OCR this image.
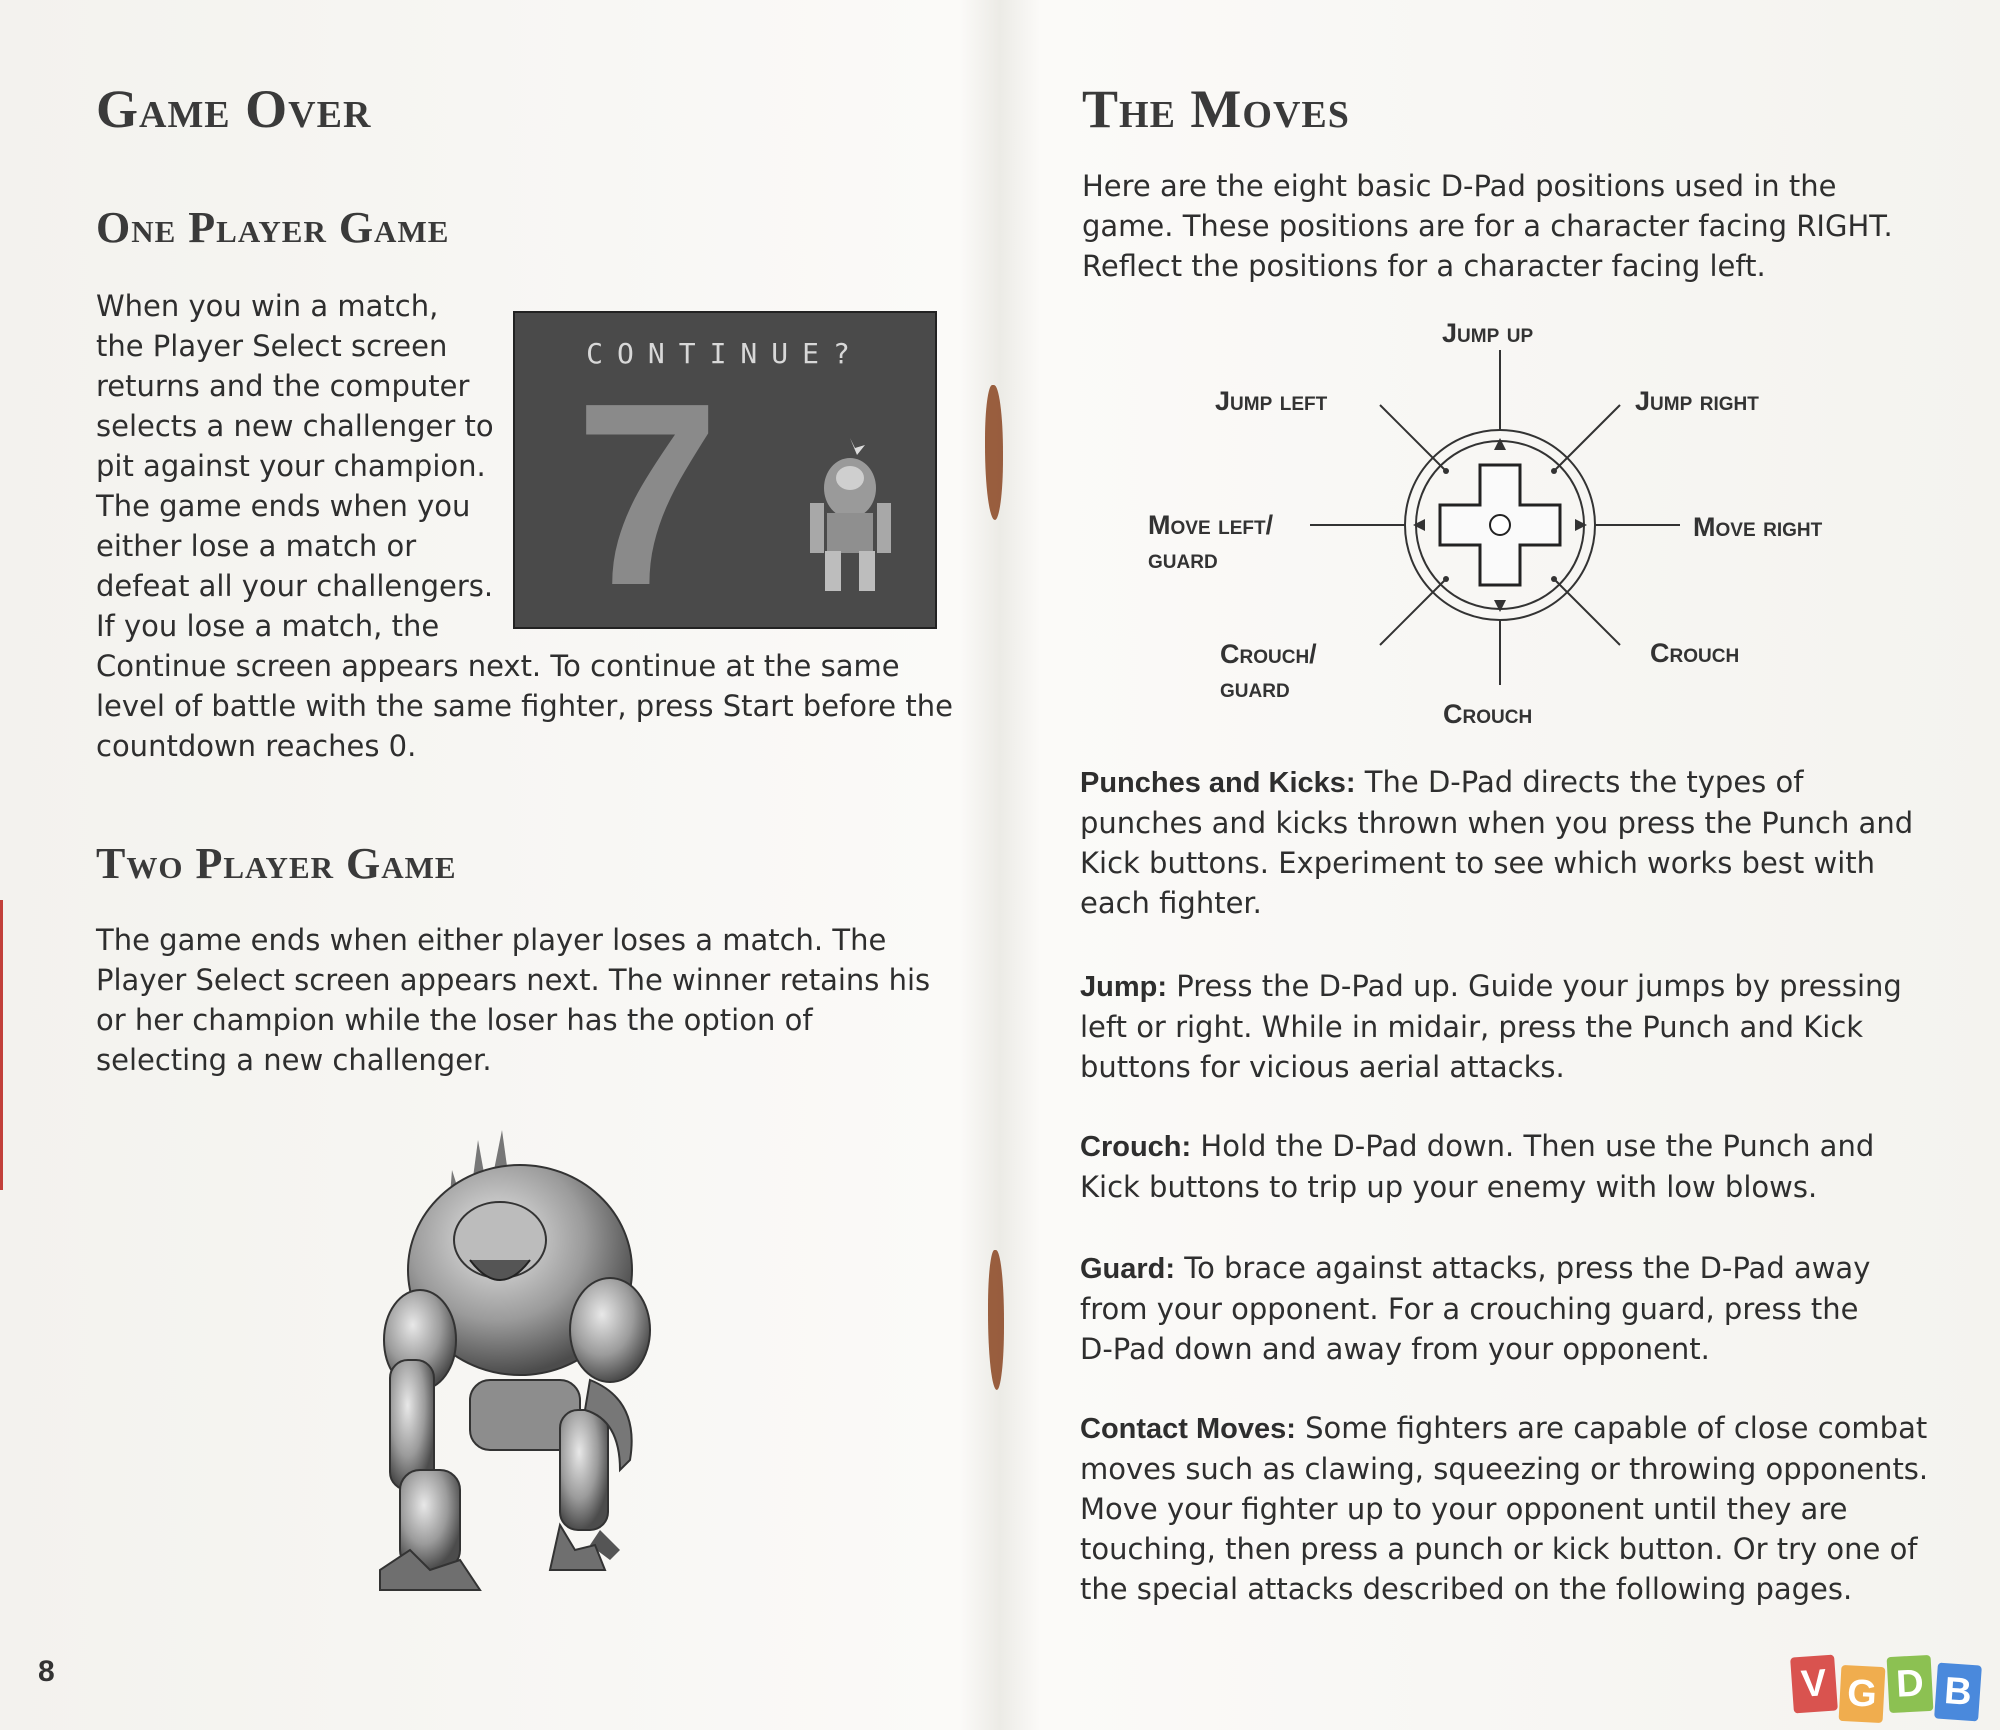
Game Over
One Player Game
When you win a match,
the Player Select screen
returns and the computer
selects a new challenger to
pit against your champion.
The game ends when you
either lose a match or
defeat all your challengers.
If you lose a match, the
Continue screen appears next. To continue at the same
level of battle with the same fighter, press Start before the
countdown reaches 0.
CONTINUE?
7
Two Player Game
The game ends when either player loses a match. The
Player Select screen appears next. The winner retains his
or her champion while the loser has the option of
selecting a new challenger.
8
The Moves
Here are the eight basic D-Pad positions used in the
game. These positions are for a character facing RIGHT.
Reflect the positions for a character facing left.
Jump up
Jump left	Jump right
Move left/
guard
Move right
Crouch/
guard
Crouch
Crouch
Punches and Kicks: The D-Pad directs the types of
punches and kicks thrown when you press the Punch and
Kick buttons. Experiment to see which works best with
each fighter.
Jump: Press the D-Pad up. Guide your jumps by pressing
left or right. While in midair, press the Punch and Kick
buttons for vicious aerial attacks.
Crouch: Hold the D-Pad down. Then use the Punch and
Kick buttons to trip up your enemy with low blows.
Guard: To brace against attacks, press the D-Pad away
from your opponent. For a crouching guard, press the
D-Pad down and away from your opponent.
Contact Moves: Some fighters are capable of close combat
moves such as clawing, squeezing or throwing opponents.
Move your fighter up to your opponent until they are
touching, then press a punch or kick button. Or try one of
the special attacks described on the following pages.
V G D B
